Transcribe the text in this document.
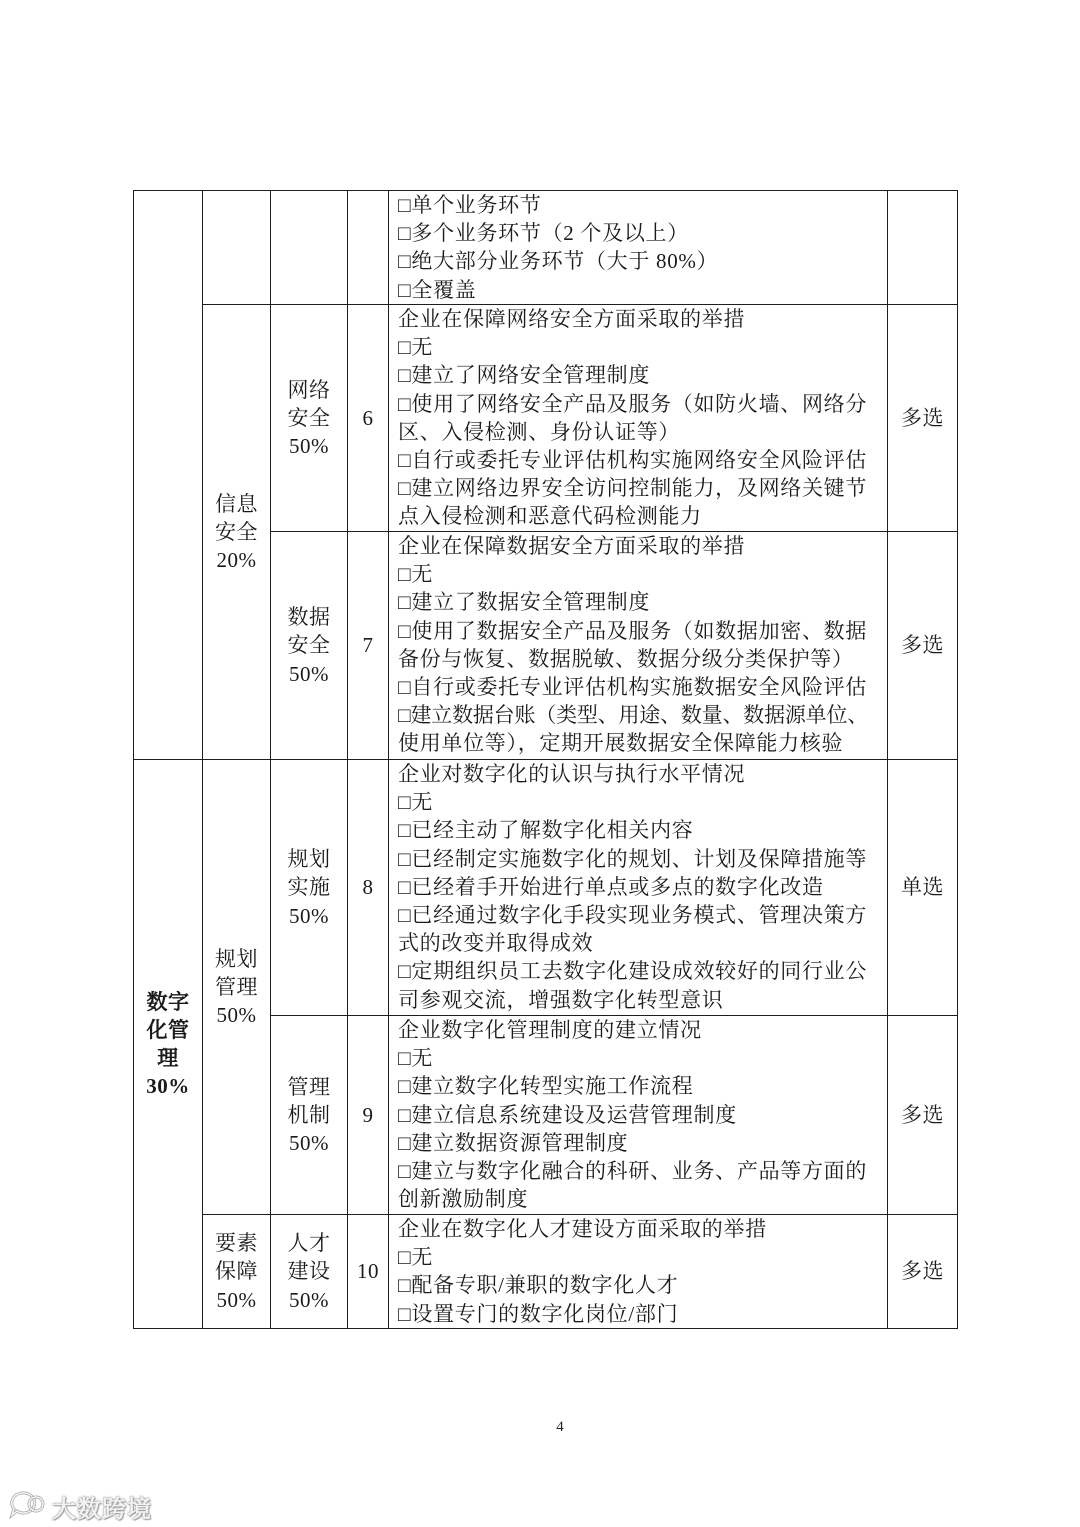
数字
化管
理
30%
信息
安全
20%
规划
管理
50%
要素
保障
50%
□单个业务环节
□多个业务环节（2 个及以上）
□绝大部分业务环节（大于 80%）
□全覆盖
网络
安全
50%
6
企业在保障网络安全方面采取的举措
□无
□建立了网络安全管理制度
□使用了网络安全产品及服务（如防火墙、网络分
区、入侵检测、身份认证等）
□自行或委托专业评估机构实施网络安全风险评估
□建立网络边界安全访问控制能力，及网络关键节
点入侵检测和恶意代码检测能力
多选
数据
安全
50%
7
企业在保障数据安全方面采取的举措
□无
□建立了数据安全管理制度
□使用了数据安全产品及服务（如数据加密、数据
备份与恢复、数据脱敏、数据分级分类保护等）
□自行或委托专业评估机构实施数据安全风险评估
□建立数据台账（类型、用途、数量、数据源单位、
使用单位等），定期开展数据安全保障能力核验
多选
规划
实施
50%
8
企业对数字化的认识与执行水平情况
□无
□已经主动了解数字化相关内容
□已经制定实施数字化的规划、计划及保障措施等
□已经着手开始进行单点或多点的数字化改造
□已经通过数字化手段实现业务模式、管理决策方
式的改变并取得成效
□定期组织员工去数字化建设成效较好的同行业公
司参观交流，增强数字化转型意识
单选
管理
机制
50%
9
企业数字化管理制度的建立情况
□无
□建立数字化转型实施工作流程
□建立信息系统建设及运营管理制度
□建立数据资源管理制度
□建立与数字化融合的科研、业务、产品等方面的
创新激励制度
多选
人才
建设
50%
10
企业在数字化人才建设方面采取的举措
□无
□配备专职/兼职的数字化人才
□设置专门的数字化岗位/部门
多选
4
大数跨境
